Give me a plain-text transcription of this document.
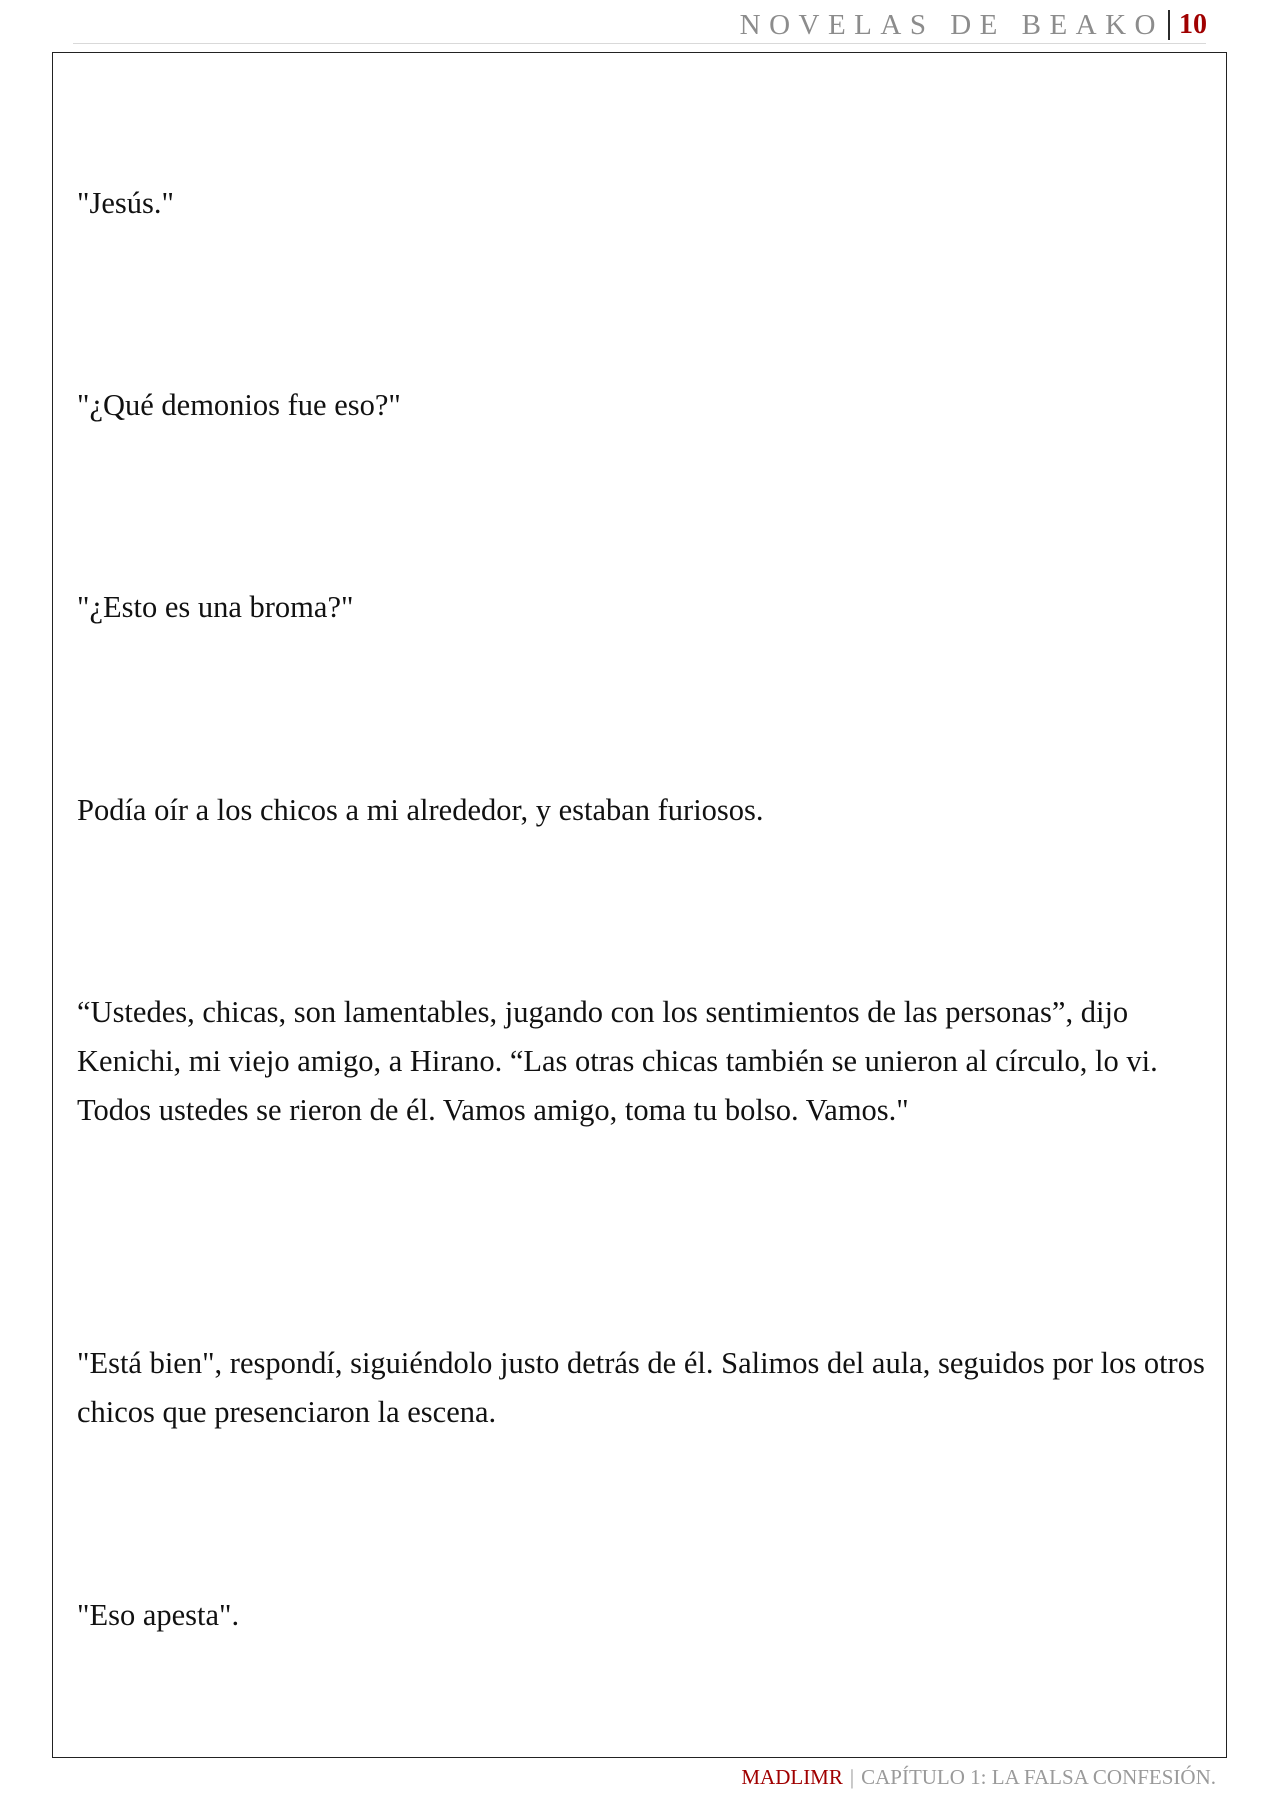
NOVELAS DE BEAKO 10

"Jesús."

"¿Qué demonios fue eso?"

"¿Esto es una broma?"

Podía oír a los chicos a mi alrededor, y estaban furiosos.

“Ustedes, chicas, son lamentables, jugando con los sentimientos de las personas”, dijo Kenichi, mi viejo amigo, a Hirano. “Las otras chicas también se unieron al círculo, lo vi. Todos ustedes se rieron de él. Vamos amigo, toma tu bolso. Vamos."

"Está bien", respondí, siguiéndolo justo detrás de él. Salimos del aula, seguidos por los otros chicos que presenciaron la escena.

"Eso apesta".

MADLIMR | CAPÍTULO 1: LA FALSA CONFESIÓN.
